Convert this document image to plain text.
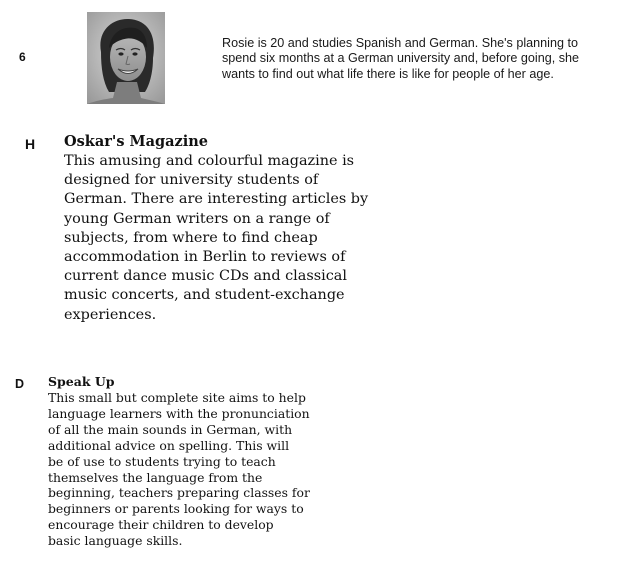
6
Rosie is 20 and studies Spanish and German. She's planning to
spend six months at a German university and, before going, she
wants to find out what life there is like for people of her age.
H Oskar's Magazine
This amusing and colourful magazine is
designed for university students of
German. There are interesting articles by
young German writers on a range of
subjects, from where to find cheap
accommodation in Berlin to reviews of
current dance music CDs and classical
music concerts, and student-exchange
experiences.
D Speak Up
This small but complete site aims to help
language learners with the pronunciation
of all the main sounds in German, with
additional advice on spelling. This will
be of use to students trying to teach
themselves the language from the
beginning, teachers preparing classes for
beginners or parents looking for ways to
encourage their children to develop
basic language skills.
